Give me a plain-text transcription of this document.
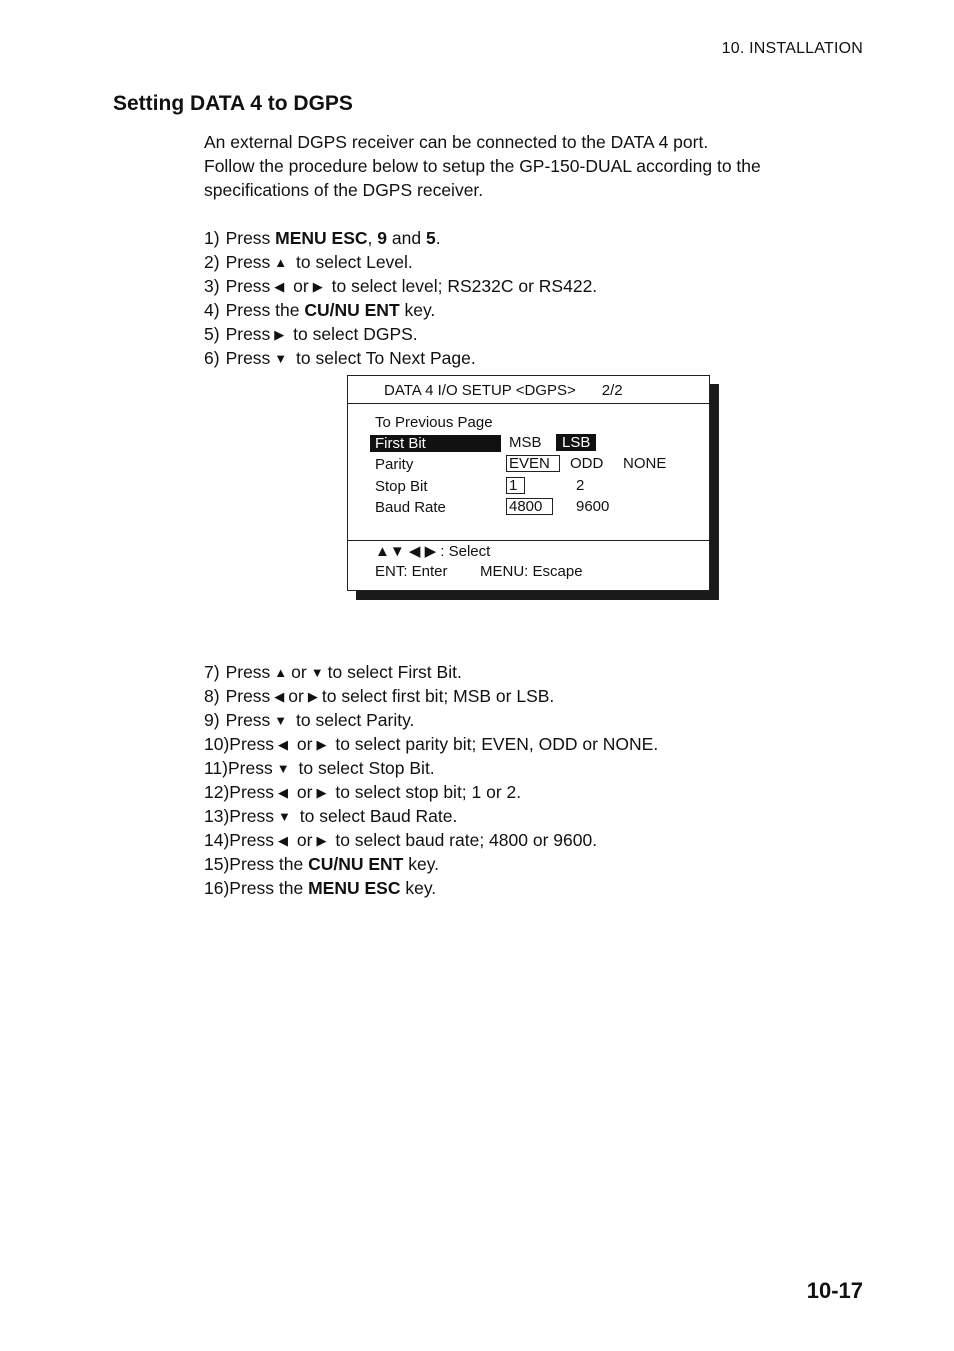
10. INSTALLATION
Setting DATA 4 to DGPS
An external DGPS receiver can be connected to the DATA 4 port.
Follow the procedure below to setup the GP-150-DUAL according to the
specifications of the DGPS receiver.
1) Press MENU ESC, 9 and 5.
2) Press ▲ to select Level.
3) Press ◀ or ▶ to select level; RS232C or RS422.
4) Press the CU/NU ENT key.
5) Press ▶ to select DGPS.
6) Press ▼ to select To Next Page.
DATA 4 I/O SETUP <DGPS> 2/2
To Previous Page
First Bit	MSB	LSB
Parity	EVEN	ODD NONE
Stop Bit	1	2
Baud Rate	4800	9600
▲▼ ◀ ▶ : Select
ENT: Enter MENU: Escape
7) Press ▲ or ▼ to select First Bit.
8) Press ◀ or ▶ to select first bit; MSB or LSB.
9) Press ▼ to select Parity.
10)Press ◀ or ▶ to select parity bit; EVEN, ODD or NONE.
11)Press ▼ to select Stop Bit.
12)Press ◀ or ▶ to select stop bit; 1 or 2.
13)Press ▼ to select Baud Rate.
14)Press ◀ or ▶ to select baud rate; 4800 or 9600.
15)Press the CU/NU ENT key.
16)Press the MENU ESC key.
10-17
